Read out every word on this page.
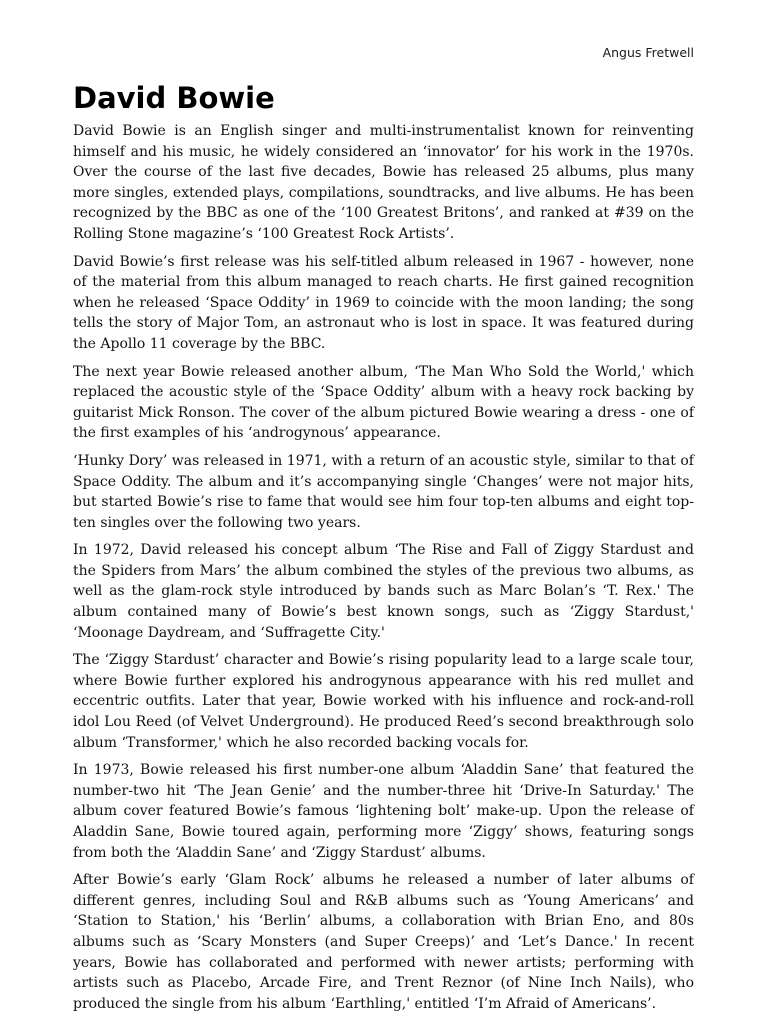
Angus Fretwell
David Bowie

David Bowie is an English singer and multi-instrumentalist known for reinventing himself and his music, he widely considered an ‘innovator’ for his work in the 1970s. Over the course of the last five decades, Bowie has released 25 albums, plus many more singles, extended plays, compilations, soundtracks, and live albums. He has been recognized by the BBC as one of the ‘100 Greatest Britons’, and ranked at #39 on the Rolling Stone magazine’s ‘100 Greatest Rock Artists’.

David Bowie’s first release was his self-titled album released in 1967 - however, none of the material from this album managed to reach charts. He first gained recognition when he released ‘Space Oddity’ in 1969 to coincide with the moon landing; the song tells the story of Major Tom, an astronaut who is lost in space. It was featured during the Apollo 11 coverage by the BBC.

The next year Bowie released another album, ‘The Man Who Sold the World,' which replaced the acoustic style of the ‘Space Oddity’ album with a heavy rock backing by guitarist Mick Ronson. The cover of the album pictured Bowie wearing a dress - one of the first examples of his ‘androgynous’ appearance.

‘Hunky Dory’ was released in 1971, with a return of an acoustic style, similar to that of Space Oddity. The album and it’s accompanying single ‘Changes’ were not major hits, but started Bowie’s rise to fame that would see him four top-ten albums and eight top-ten singles over the following two years.

In 1972, David released his concept album ‘The Rise and Fall of Ziggy Stardust and the Spiders from Mars’ the album combined the styles of the previous two albums, as well as the glam-rock style introduced by bands such as Marc Bolan’s ‘T. Rex.' The album contained many of Bowie’s best known songs, such as ‘Ziggy Stardust,' ‘Moonage Daydream, and ‘Suffragette City.'

The ‘Ziggy Stardust’ character and Bowie’s rising popularity lead to a large scale tour, where Bowie further explored his androgynous appearance with his red mullet and eccentric outfits. Later that year, Bowie worked with his influence and rock-and-roll idol Lou Reed (of Velvet Underground). He produced Reed’s second breakthrough solo album ‘Transformer,' which he also recorded backing vocals for.

In 1973, Bowie released his first number-one album ‘Aladdin Sane’ that featured the number-two hit ‘The Jean Genie’ and the number-three hit ‘Drive-In Saturday.' The album cover featured Bowie’s famous ‘lightening bolt’ make-up. Upon the release of Aladdin Sane, Bowie toured again, performing more ‘Ziggy’ shows, featuring songs from both the ‘Aladdin Sane’ and ‘Ziggy Stardust’ albums.

After Bowie’s early ‘Glam Rock’ albums he released a number of later albums of different genres, including Soul and R&B albums such as ‘Young Americans’ and ‘Station to Station,' his ‘Berlin’ albums, a collaboration with Brian Eno, and 80s albums such as ‘Scary Monsters (and Super Creeps)’ and ‘Let’s Dance.' In recent years, Bowie has collaborated and performed with newer artists; performing with artists such as Placebo, Arcade Fire, and Trent Reznor (of Nine Inch Nails), who produced the single from his album ‘Earthling,' entitled ‘I’m Afraid of Americans’.
